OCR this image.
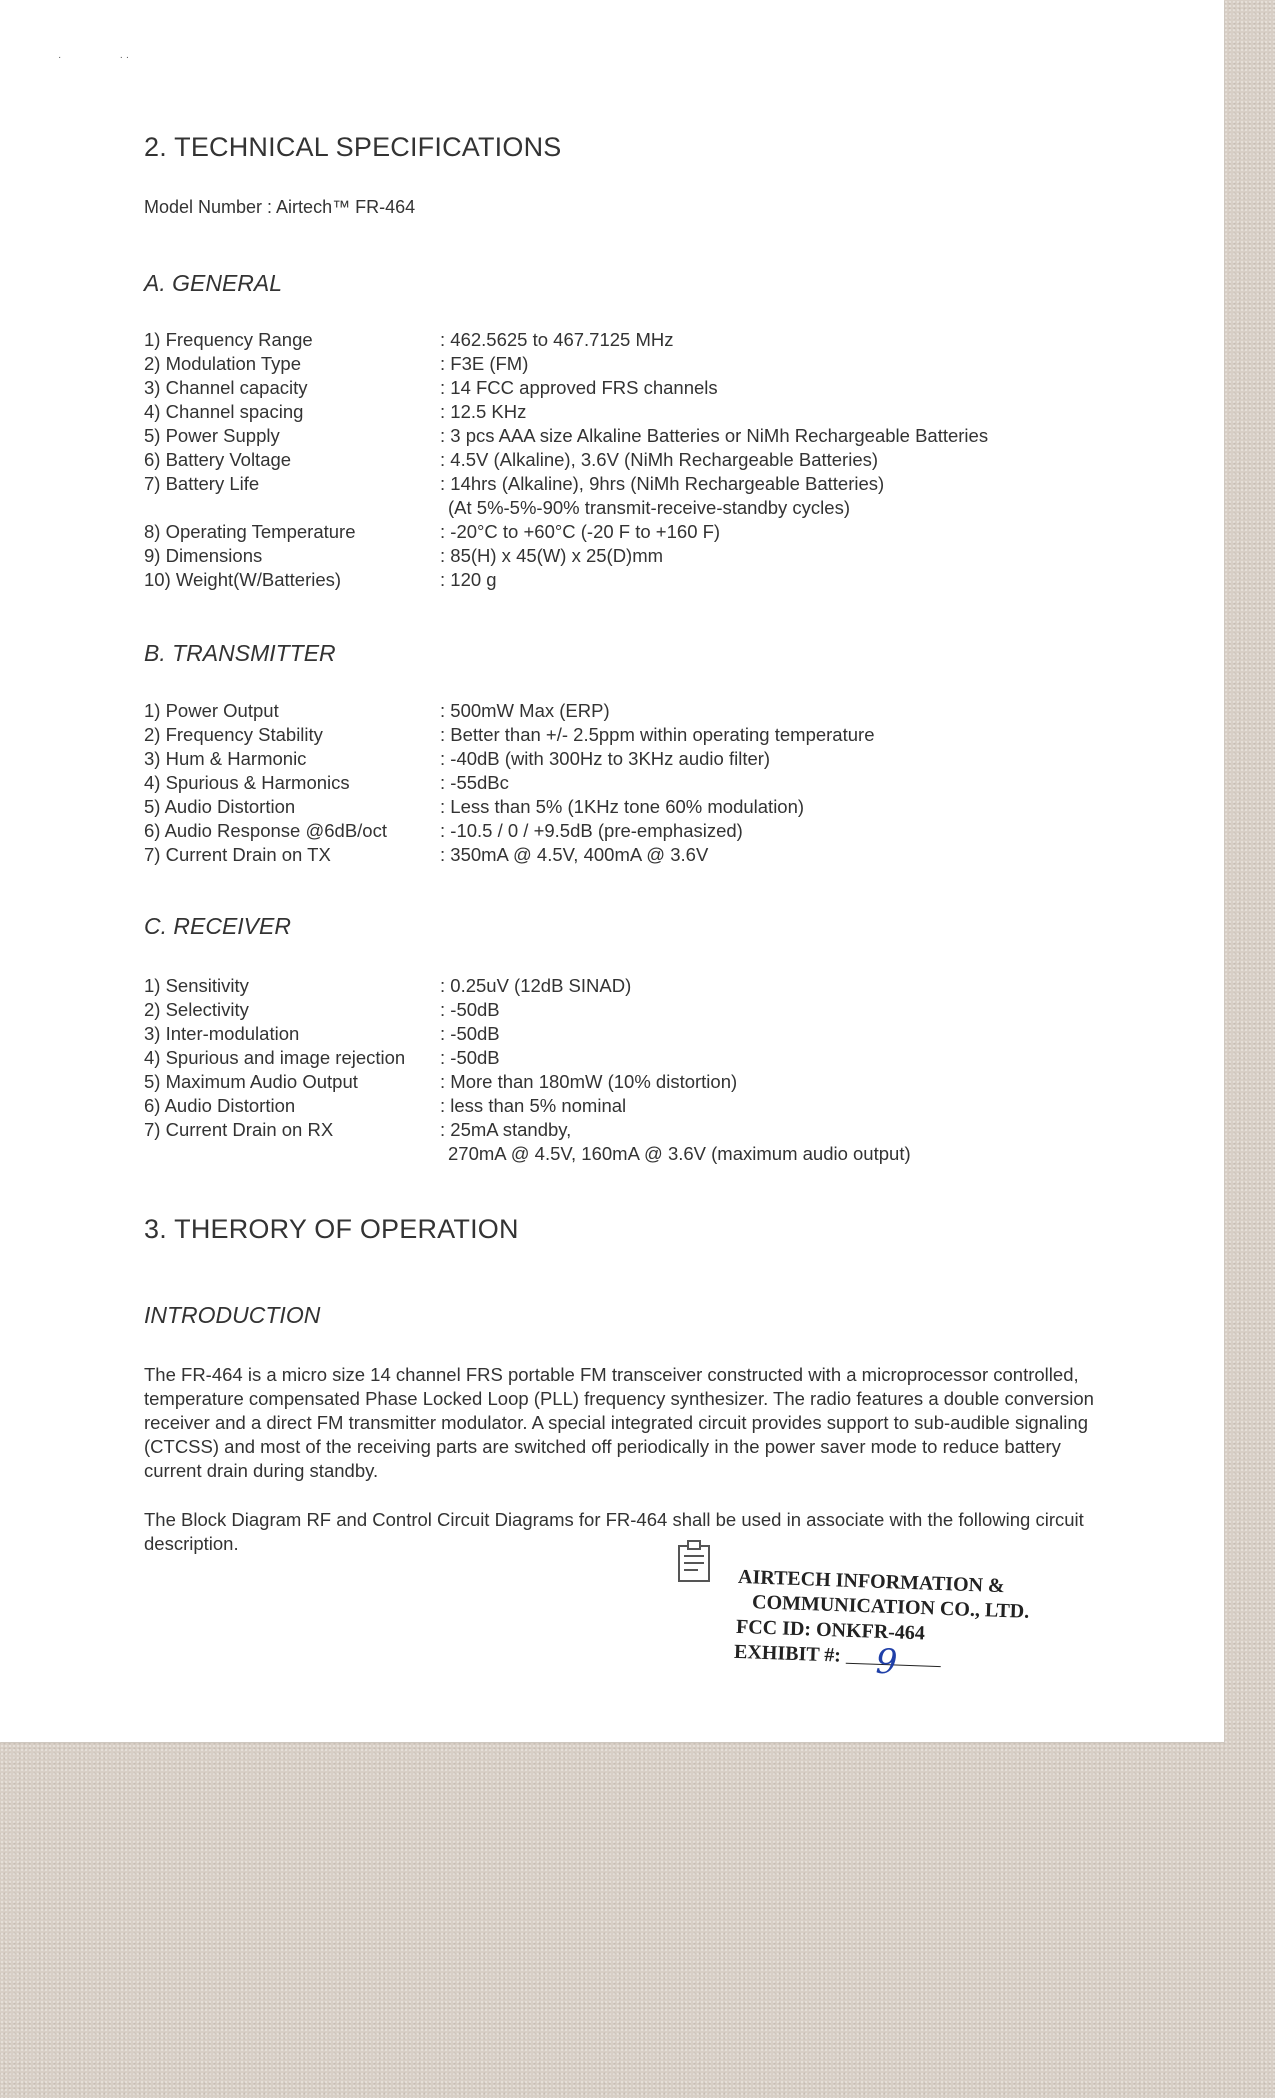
·                     · ·
2. TECHNICAL SPECIFICATIONS
Model Number : Airtech™ FR-464
A. GENERAL
1) Frequency Range	: 462.5625 to 467.7125 MHz
2) Modulation Type	: F3E (FM)
3) Channel capacity	: 14 FCC approved FRS channels
4) Channel spacing	: 12.5 KHz
5) Power Supply	: 3 pcs AAA size Alkaline Batteries or NiMh Rechargeable Batteries
6) Battery Voltage	: 4.5V (Alkaline), 3.6V (NiMh Rechargeable Batteries)
7) Battery Life	: 14hrs (Alkaline), 9hrs (NiMh Rechargeable Batteries)
(At 5%-5%-90% transmit-receive-standby cycles)
8) Operating Temperature	: -20°C to +60°C (-20 F to +160 F)
9) Dimensions	: 85(H) x 45(W) x 25(D)mm
10) Weight(W/Batteries)	: 120 g
B. TRANSMITTER
1) Power Output	: 500mW Max (ERP)
2) Frequency Stability	: Better than +/- 2.5ppm within operating temperature
3) Hum & Harmonic	: -40dB (with 300Hz to 3KHz audio filter)
4) Spurious & Harmonics	: -55dBc
5) Audio Distortion	: Less than 5% (1KHz tone 60% modulation)
6) Audio Response @6dB/oct	: -10.5 / 0 / +9.5dB (pre-emphasized)
7) Current Drain on TX	: 350mA @ 4.5V, 400mA @ 3.6V
C. RECEIVER
1) Sensitivity	: 0.25uV (12dB SINAD)
2) Selectivity	: -50dB
3) Inter-modulation	: -50dB
4) Spurious and image rejection	: -50dB
5) Maximum Audio Output	: More than 180mW (10% distortion)
6) Audio Distortion	: less than 5% nominal
7) Current Drain on RX	: 25mA standby,
270mA @ 4.5V, 160mA @ 3.6V (maximum audio output)
3. THERORY OF OPERATION
INTRODUCTION

The FR-464 is a micro size 14 channel FRS portable FM transceiver constructed with a microprocessor controlled, temperature compensated Phase Locked Loop (PLL) frequency synthesizer. The radio features a double conversion receiver and a direct FM transmitter modulator. A special integrated circuit provides support to sub-audible signaling (CTCSS) and most of the receiving parts are switched off periodically in the power saver mode to reduce battery current drain during standby.

The Block Diagram RF and Control Circuit Diagrams for FR-464 shall be used in associate with the following circuit description.

AIRTECH INFORMATION &
COMMUNICATION CO., LTD.
FCC ID: ONKFR-464
EXHIBIT #: 9
